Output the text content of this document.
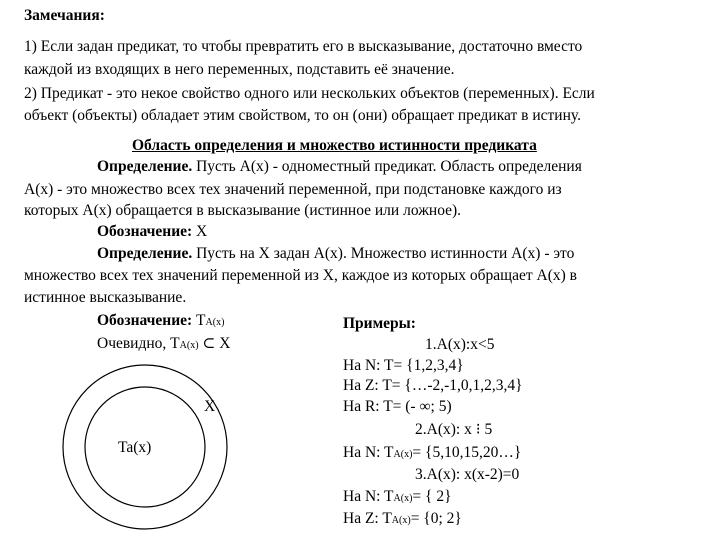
Замечания:
1) Если задан предикат, то чтобы превратить его в высказывание, достаточно вместо
каждой из входящих в него переменных, подставить её значение.
2) Предикат - это некое свойство одного или нескольких объектов (переменных). Если
объект (объекты) обладает этим свойством, то он (они) обращает предикат в истину.
Область определения и множество истинности предиката
Определение. Пусть A(x) - одноместный предикат. Область определения
A(x) - это множество всех тех значений переменной, при подстановке каждого из
которых A(x) обращается в высказывание (истинное или ложное).
Обозначение: X
Определение. Пусть на X задан A(x). Множество истинности A(x) - это
множество всех тех значений переменной из X, каждое из которых обращает A(x) в
истинное высказывание.
Обозначение: TA(x)
Очевидно, TA(x) ⊂ X
Примеры:
1.A(x):x<5
На N: T= {1,2,3,4}
На Z: T= {…-2,-1,0,1,2,3,4}
На R: T= (- ∞; 5)
2.A(x): x ⁝ 5
На N: TA(x)= {5,10,15,20…}
3.A(x): x(x-2)=0
На N: TA(x)= { 2}
На Z: TA(x)= {0; 2}
X
Ta(x)
